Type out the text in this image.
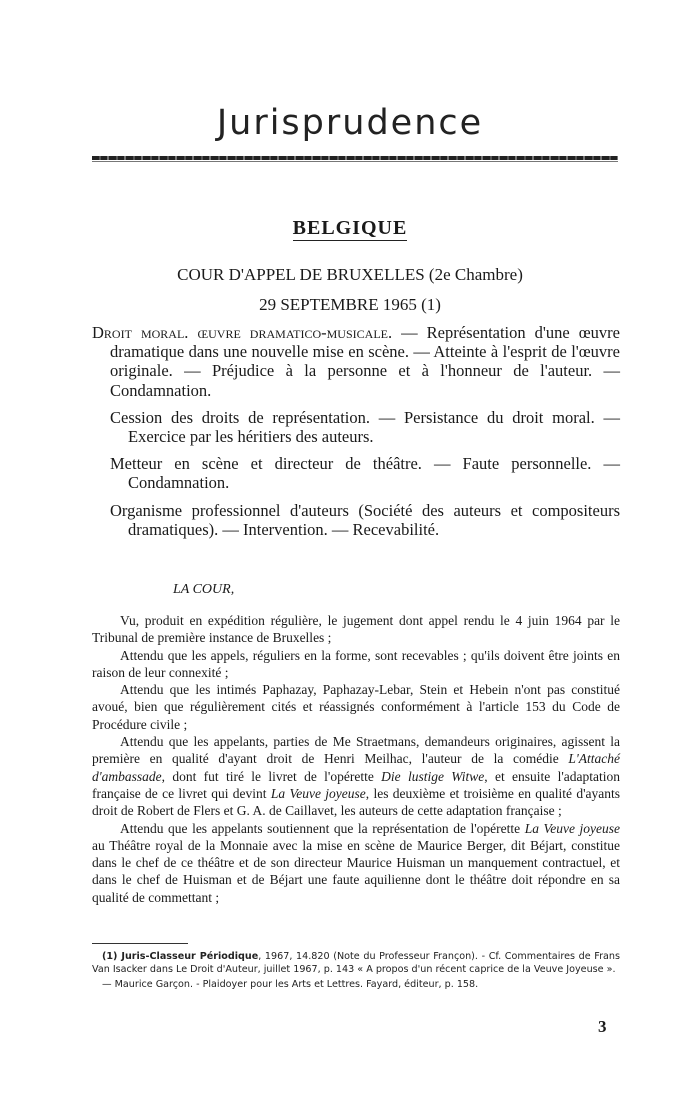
Jurisprudence
BELGIQUE

COUR D'APPEL DE BRUXELLES (2e Chambre)

29 SEPTEMBRE 1965 (1)

Droit moral. œuvre dramatico-musicale. — Représentation d'une œuvre dramatique dans une nouvelle mise en scène. — Atteinte à l'esprit de l'œuvre originale. — Préjudice à la personne et à l'honneur de l'auteur. — Condamnation.

Cession des droits de représentation. — Persistance du droit moral. — Exercice par les héritiers des auteurs.

Metteur en scène et directeur de théâtre. — Faute personnelle. — Condamnation.

Organisme professionnel d'auteurs (Société des auteurs et compositeurs dramatiques). — Intervention. — Recevabilité.

LA COUR,

Vu, produit en expédition régulière, le jugement dont appel rendu le 4 juin 1964 par le Tribunal de première instance de Bruxelles ;

Attendu que les appels, réguliers en la forme, sont recevables ; qu'ils doivent être joints en raison de leur connexité ;

Attendu que les intimés Paphazay, Paphazay-Lebar, Stein et Hebein n'ont pas constitué avoué, bien que régulièrement cités et réassignés conformément à l'article 153 du Code de Procédure civile ;

Attendu que les appelants, parties de Me Straetmans, demandeurs originaires, agissent la première en qualité d'ayant droit de Henri Meilhac, l'auteur de la comédie L'Attaché d'ambassade, dont fut tiré le livret de l'opérette Die lustige Witwe, et ensuite l'adaptation française de ce livret qui devint La Veuve joyeuse, les deuxième et troisième en qualité d'ayants droit de Robert de Flers et G. A. de Caillavet, les auteurs de cette adaptation française ;

Attendu que les appelants soutiennent que la représentation de l'opérette La Veuve joyeuse au Théâtre royal de la Monnaie avec la mise en scène de Maurice Berger, dit Béjart, constitue dans le chef de ce théâtre et de son directeur Maurice Huisman un manquement contractuel, et dans le chef de Huisman et de Béjart une faute aquilienne dont le théâtre doit répondre en sa qualité de commettant ;

(1) Juris-Classeur Périodique, 1967, 14.820 (Note du Professeur Françon). - Cf. Commentaires de Frans Van Isacker dans Le Droit d'Auteur, juillet 1967, p. 143 « A propos d'un récent caprice de la Veuve Joyeuse ».

— Maurice Garçon. - Plaidoyer pour les Arts et Lettres. Fayard, éditeur, p. 158.

3
